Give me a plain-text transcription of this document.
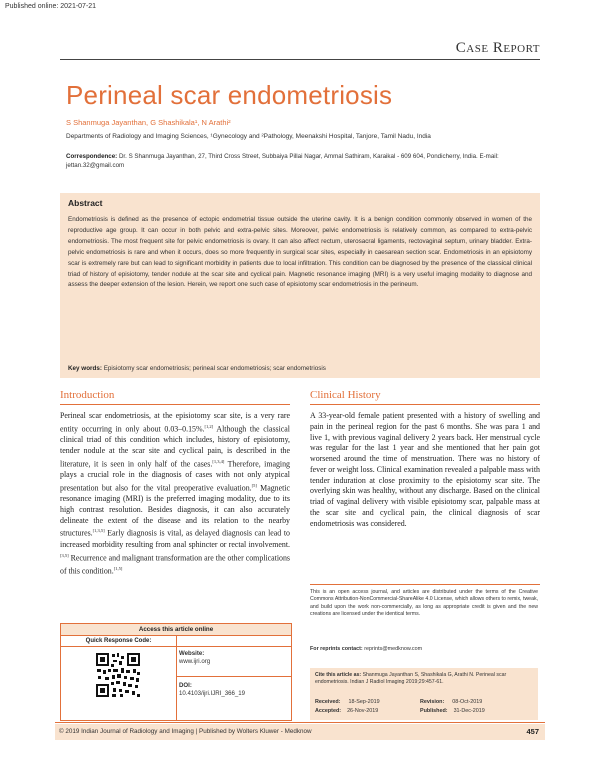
Published online: 2021-07-21
Case Report
Perineal scar endometriosis
S Shanmuga Jayanthan, G Shashikala¹, N Arathi²
Departments of Radiology and Imaging Sciences, ¹Gynecology and ²Pathology, Meenakshi Hospital, Tanjore, Tamil Nadu, India
Correspondence: Dr. S Shanmuga Jayanthan, 27, Third Cross Street, Subbaiya Pillai Nagar, Ammal Sathiram, Karaikal - 609 604, Pondicherry, India. E-mail: jettan.32@gmail.com
Abstract
Endometriosis is defined as the presence of ectopic endometrial tissue outside the uterine cavity. It is a benign condition commonly observed in women of the reproductive age group. It can occur in both pelvic and extra-pelvic sites. Moreover, pelvic endometriosis is relatively common, as compared to extra-pelvic endometriosis. The most frequent site for pelvic endometriosis is ovary. It can also affect rectum, uterosacral ligaments, rectovaginal septum, urinary bladder. Extra-pelvic endometriosis is rare and when it occurs, does so more frequently in surgical scar sites, especially in caesarean section scar. Endometriosis in an episiotomy scar is extremely rare but can lead to significant morbidity in patients due to local infiltration. This condition can be diagnosed by the presence of the classical clinical triad of history of episiotomy, tender nodule at the scar site and cyclical pain. Magnetic resonance imaging (MRI) is a very useful imaging modality to diagnose and assess the deeper extension of the lesion. Herein, we report one such case of episiotomy scar endometriosis in the perineum.
Key words: Episiotomy scar endometriosis; perineal scar endometriosis; scar endometriosis
Introduction
Perineal scar endometriosis, at the episiotomy scar site, is a very rare entity occurring in only about 0.03–0.15%.[1,2] Although the classical clinical triad of this condition which includes, history of episiotomy, tender nodule at the scar site and cyclical pain, is described in the literature, it is seen in only half of the cases.[1,3,4] Therefore, imaging plays a crucial role in the diagnosis of cases with not only atypical presentation but also for the vital preoperative evaluation.[5] Magnetic resonance imaging (MRI) is the preferred imaging modality, due to its high contrast resolution. Besides diagnosis, it can also accurately delineate the extent of the disease and its relation to the nearby structures.[1,3,5] Early diagnosis is vital, as delayed diagnosis can lead to increased morbidity resulting from anal sphincter or rectal involvement.[3,5] Recurrence and malignant transformation are the other complications of this condition.[1,5]
Clinical History
A 33-year-old female patient presented with a history of swelling and pain in the perineal region for the past 6 months. She was para 1 and live 1, with previous vaginal delivery 2 years back. Her menstrual cycle was regular for the last 1 year and she mentioned that her pain got worsened around the time of menstruation. There was no history of fever or weight loss. Clinical examination revealed a palpable mass with tender induration at close proximity to the episiotomy scar site. The overlying skin was healthy, without any discharge. Based on the clinical triad of vaginal delivery with visible episiotomy scar, palpable mass at the scar site and cyclical pain, the clinical diagnosis of scar endometriosis was considered.
This is an open access journal, and articles are distributed under the terms of the Creative Commons Attribution-NonCommercial-ShareAlike 4.0 License, which allows others to remix, tweak, and build upon the work non-commercially, as long as appropriate credit is given and the new creations are licensed under the identical terms.
For reprints contact: reprints@medknow.com
Cite this article as: Shanmuga Jayanthan S, Shashikala G, Arathi N. Perineal scar endometriosis. Indian J Radiol Imaging 2019;29:457-61.
Received: 18-Sep-2019	Revision: 08-Oct-2019
Accepted: 26-Nov-2019	Published: 31-Dec-2019
Access this article online
Quick Response Code:
Website:
www.ijri.org
DOI:
10.4103/ijri.IJRI_366_19
© 2019 Indian Journal of Radiology and Imaging | Published by Wolters Kluwer - Medknow	457
